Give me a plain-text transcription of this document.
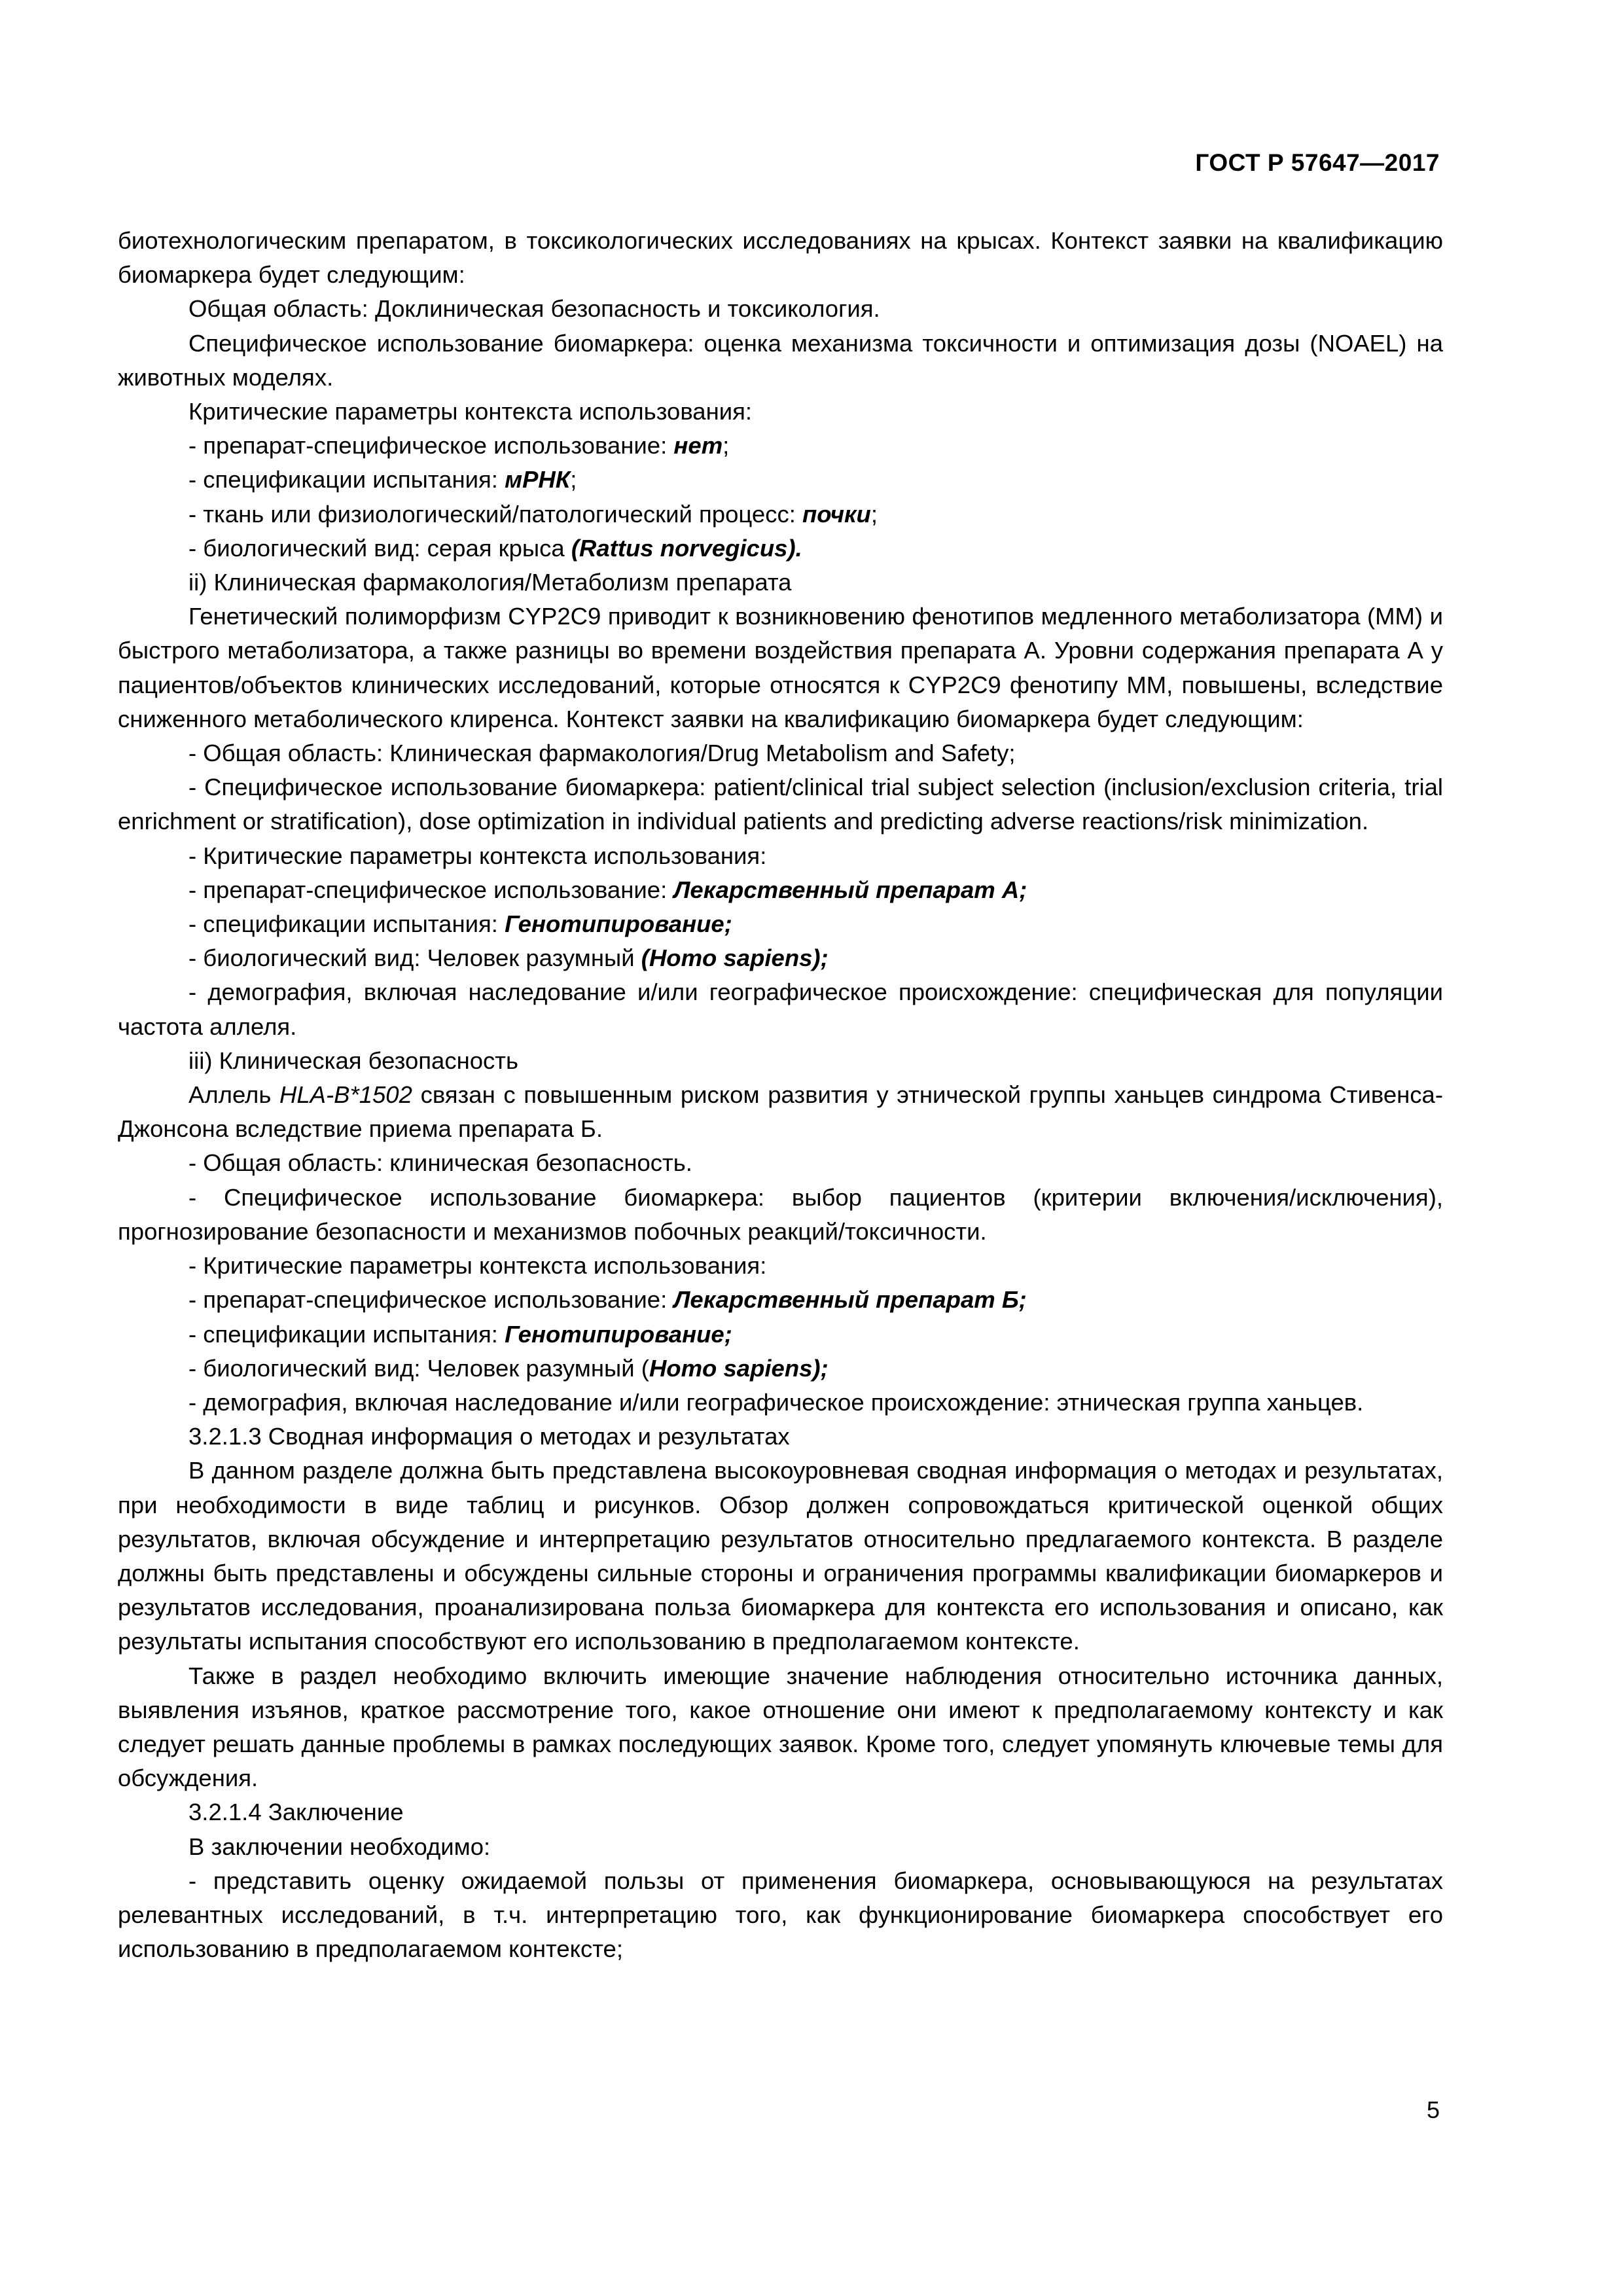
ГОСТ Р 57647—2017

биотехнологическим препаратом, в токсикологических исследованиях на крысах. Контекст заявки на квалификацию биомаркера будет следующим:

Общая область: Доклиническая безопасность и токсикология.

Специфическое использование биомаркера: оценка механизма токсичности и оптимизация дозы (NOAEL) на животных моделях.

Критические параметры контекста использования:

- препарат-специфическое использование: нет;

- спецификации испытания: мРНК;

- ткань или физиологический/патологический процесс: почки;

- биологический вид: серая крыса (Rattus norvegicus).

ii) Клиническая фармакология/Метаболизм препарата

Генетический полиморфизм CYP2C9 приводит к возникновению фенотипов медленного метаболизатора (ММ) и быстрого метаболизатора, а также разницы во времени воздействия препарата А. Уровни содержания препарата А у пациентов/объектов клинических исследований, которые относятся к CYP2C9 фенотипу ММ, повышены, вследствие сниженного метаболического клиренса. Контекст заявки на квалификацию биомаркера будет следующим:

- Общая область: Клиническая фармакология/Drug Metabolism and Safety;

- Специфическое использование биомаркера: patient/clinical trial subject selection (inclusion/exclusion criteria, trial enrichment or stratification), dose optimization in individual patients and predicting adverse reactions/risk minimization.

- Критические параметры контекста использования:

- препарат-специфическое использование: Лекарственный препарат А;

- спецификации испытания: Генотипирование;

- биологический вид: Человек разумный (Homo sapiens);

- демография, включая наследование и/или географическое происхождение: специфическая для популяции частота аллеля.

iii) Клиническая безопасность

Аллель HLA-B*1502 связан с повышенным риском развития у этнической группы ханьцев синдрома Стивенса-Джонсона вследствие приема препарата Б.

- Общая область: клиническая безопасность.

- Специфическое использование биомаркера: выбор пациентов (критерии включения/исключения), прогнозирование безопасности и механизмов побочных реакций/токсичности.

- Критические параметры контекста использования:

- препарат-специфическое использование: Лекарственный препарат Б;

- спецификации испытания: Генотипирование;

- биологический вид: Человек разумный (Homo sapiens);

- демография, включая наследование и/или географическое происхождение: этническая группа ханьцев.

3.2.1.3 Сводная информация о методах и результатах

В данном разделе должна быть представлена высокоуровневая сводная информация о методах и результатах, при необходимости в виде таблиц и рисунков. Обзор должен сопровождаться критической оценкой общих результатов, включая обсуждение и интерпретацию результатов относительно предлагаемого контекста. В разделе должны быть представлены и обсуждены сильные стороны и ограничения программы квалификации биомаркеров и результатов исследования, проанализирована польза биомаркера для контекста его использования и описано, как результаты испытания способствуют его использованию в предполагаемом контексте.

Также в раздел необходимо включить имеющие значение наблюдения относительно источника данных, выявления изъянов, краткое рассмотрение того, какое отношение они имеют к предполагаемому контексту и как следует решать данные проблемы в рамках последующих заявок. Кроме того, следует упомянуть ключевые темы для обсуждения.

3.2.1.4 Заключение

В заключении необходимо:

- представить оценку ожидаемой пользы от применения биомаркера, основывающуюся на результатах релевантных исследований, в т.ч. интерпретацию того, как функционирование биомаркера способствует его использованию в предполагаемом контексте;

5
